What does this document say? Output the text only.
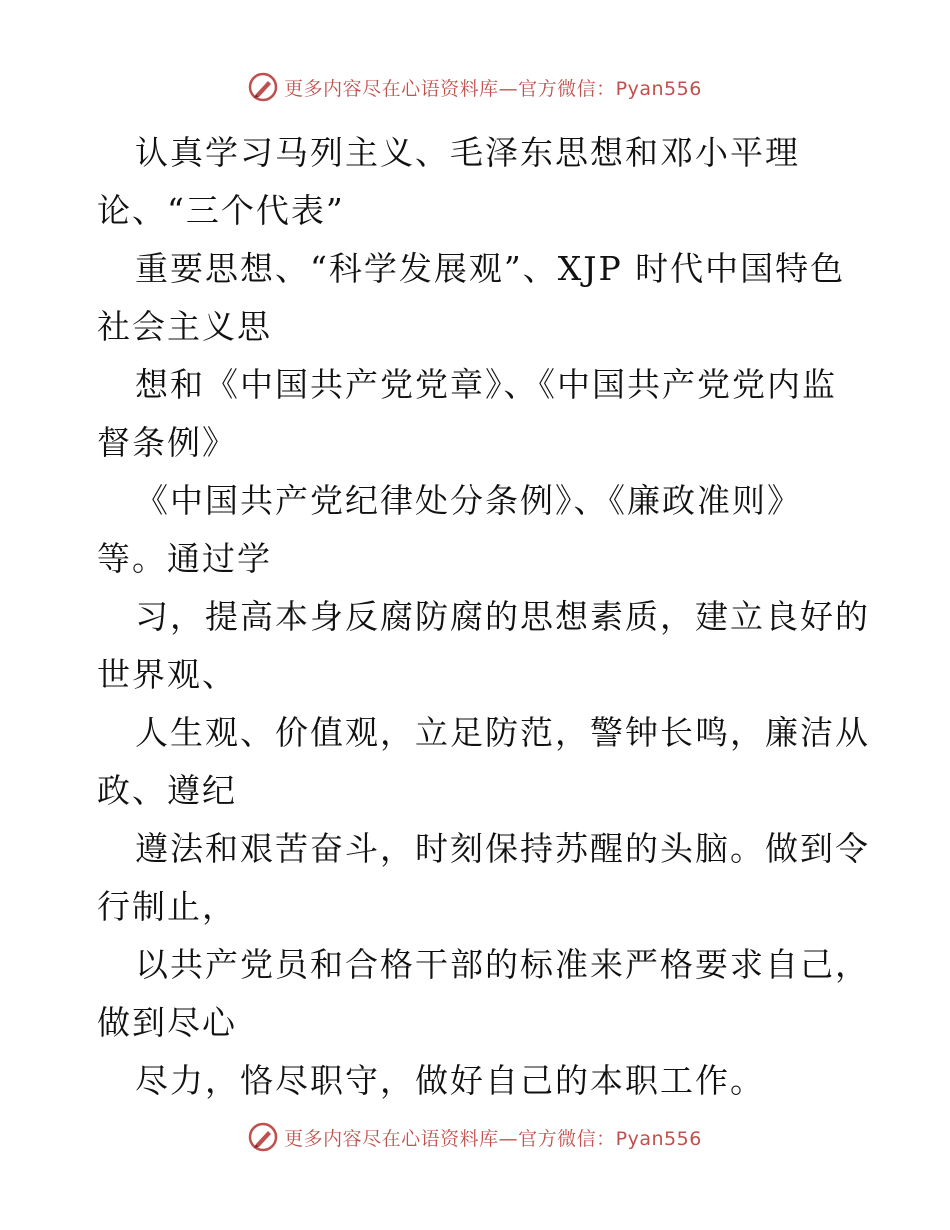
更多内容尽在心语资料库—官方微信：Pyan556
认真学习马列主义、毛泽东思想和邓小平理
论、“三个代表”
重要思想、“科学发展观”、XJP 时代中国特色
社会主义思
想和《中国共产党党章》、《中国共产党党内监
督条例》
《中国共产党纪律处分条例》、《廉政准则》
等。通过学
习，提高本身反腐防腐的思想素质，建立良好的
世界观、
人生观、价值观，立足防范，警钟长鸣，廉洁从
政、遵纪
遵法和艰苦奋斗，时刻保持苏醒的头脑。做到令
行制止，
以共产党员和合格干部的标准来严格要求自己，
做到尽心
尽力，恪尽职守，做好自己的本职工作。
更多内容尽在心语资料库—官方微信：Pyan556
